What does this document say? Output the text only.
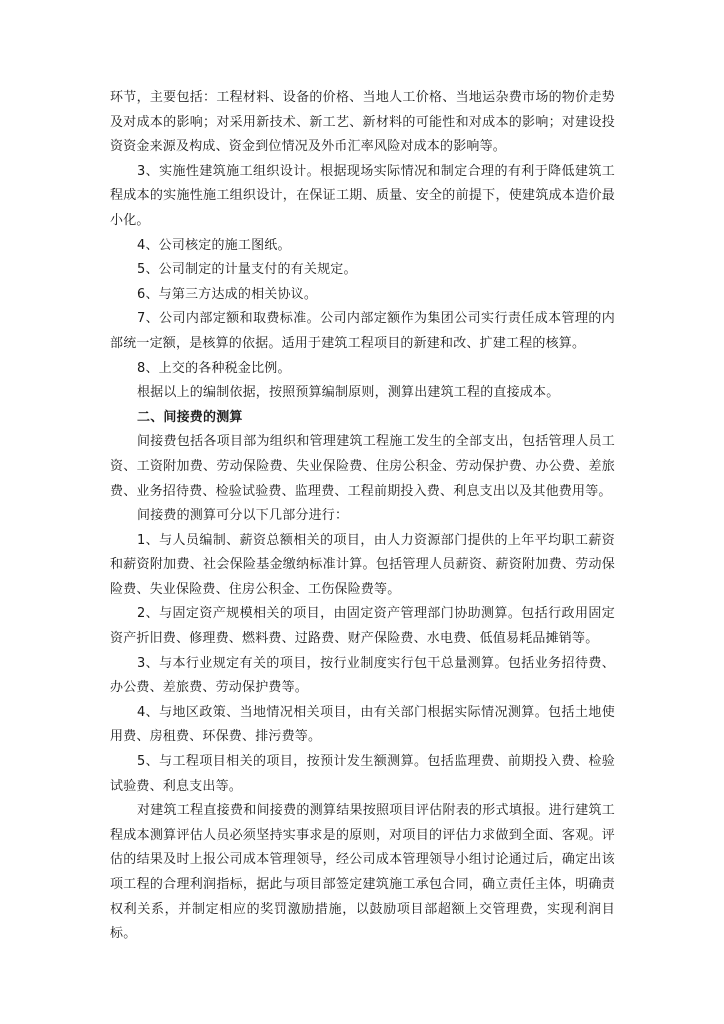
环节，主要包括：工程材料、设备的价格、当地人工价格、当地运杂费市场的物价走势及对成本的影响；对采用新技术、新工艺、新材料的可能性和对成本的影响；对建设投资资金来源及构成、资金到位情况及外币汇率风险对成本的影响等。

3、实施性建筑施工组织设计。根据现场实际情况和制定合理的有利于降低建筑工程成本的实施性施工组织设计，在保证工期、质量、安全的前提下，使建筑成本造价最小化。

4、公司核定的施工图纸。

5、公司制定的计量支付的有关规定。

6、与第三方达成的相关协议。

7、公司内部定额和取费标准。公司内部定额作为集团公司实行责任成本管理的内部统一定额，是核算的依据。适用于建筑工程项目的新建和改、扩建工程的核算。

8、上交的各种税金比例。

根据以上的编制依据，按照预算编制原则，测算出建筑工程的直接成本。

二、间接费的测算

间接费包括各项目部为组织和管理建筑工程施工发生的全部支出，包括管理人员工资、工资附加费、劳动保险费、失业保险费、住房公积金、劳动保护费、办公费、差旅费、业务招待费、检验试验费、监理费、工程前期投入费、利息支出以及其他费用等。

间接费的测算可分以下几部分进行：

1、与人员编制、薪资总额相关的项目，由人力资源部门提供的上年平均职工薪资和薪资附加费、社会保险基金缴纳标准计算。包括管理人员薪资、薪资附加费、劳动保险费、失业保险费、住房公积金、工伤保险费等。

2、与固定资产规模相关的项目，由固定资产管理部门协助测算。包括行政用固定资产折旧费、修理费、燃料费、过路费、财产保险费、水电费、低值易耗品摊销等。

3、与本行业规定有关的项目，按行业制度实行包干总量测算。包括业务招待费、办公费、差旅费、劳动保护费等。

4、与地区政策、当地情况相关项目，由有关部门根据实际情况测算。包括土地使用费、房租费、环保费、排污费等。

5、与工程项目相关的项目，按预计发生额测算。包括监理费、前期投入费、检验试验费、利息支出等。

对建筑工程直接费和间接费的测算结果按照项目评估附表的形式填报。进行建筑工程成本测算评估人员必须坚持实事求是的原则，对项目的评估力求做到全面、客观。评估的结果及时上报公司成本管理领导，经公司成本管理领导小组讨论通过后，确定出该项工程的合理利润指标，据此与项目部签定建筑施工承包合同，确立责任主体，明确责权利关系，并制定相应的奖罚激励措施，以鼓励项目部超额上交管理费，实现利润目标。
